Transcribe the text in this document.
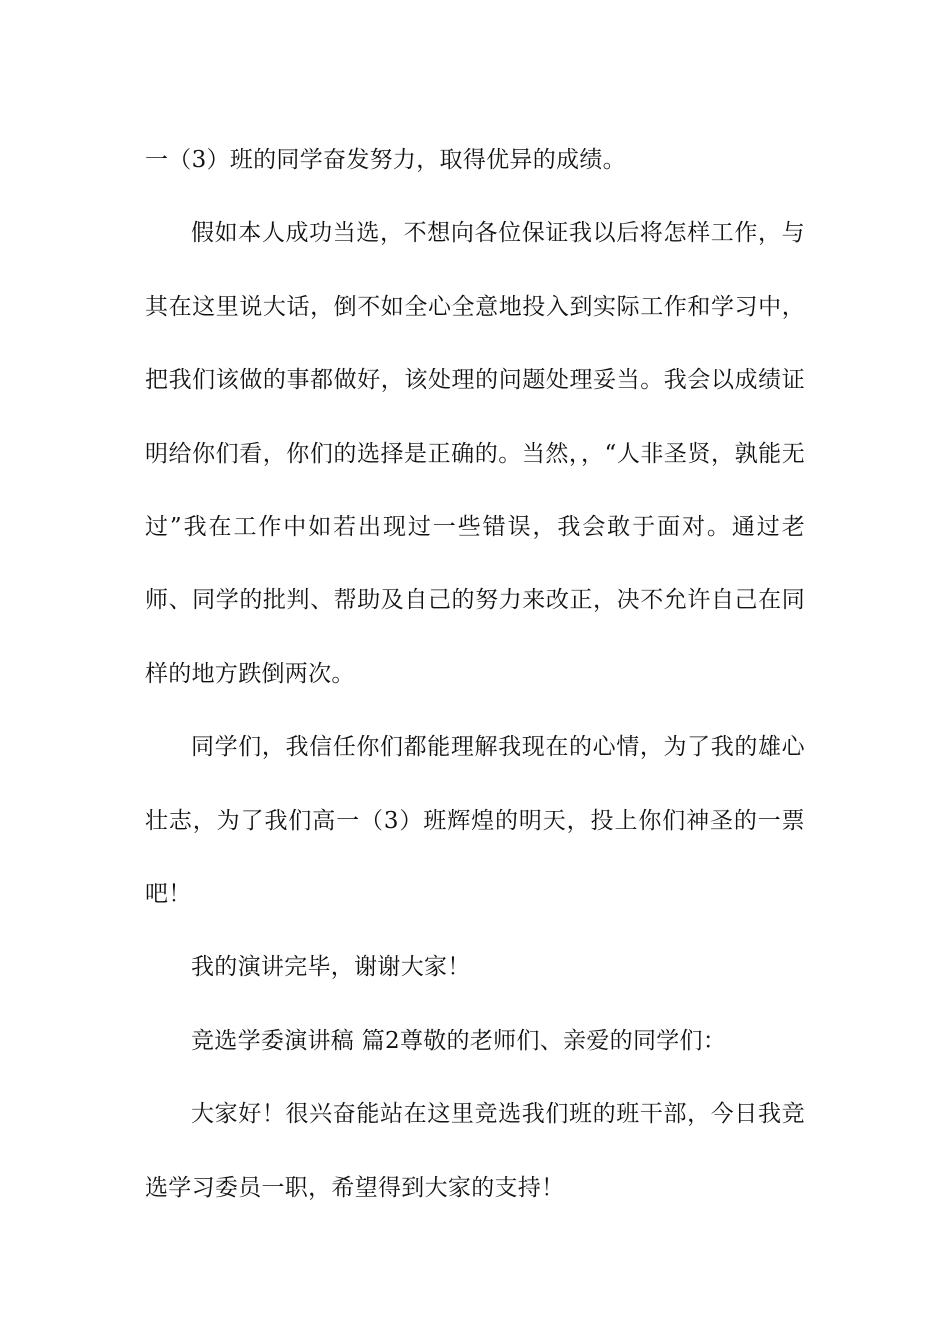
一（3）班的同学奋发努力，取得优异的成绩。

假如本人成功当选，不想向各位保证我以后将怎样工作，与其在这里说大话，倒不如全心全意地投入到实际工作和学习中，把我们该做的事都做好，该处理的问题处理妥当。我会以成绩证明给你们看，你们的选择是正确的。当然，，“人非圣贤，孰能无过”我在工作中如若出现过一些错误，我会敢于面对。通过老师、同学的批判、帮助及自己的努力来改正，决不允许自己在同样的地方跌倒两次。

同学们，我信任你们都能理解我现在的心情，为了我的雄心壮志，为了我们高一（3）班辉煌的明天，投上你们神圣的一票吧！

我的演讲完毕，谢谢大家！

竞选学委演讲稿 篇2尊敬的老师们、亲爱的同学们：

大家好！很兴奋能站在这里竞选我们班的班干部，今日我竞选学习委员一职，希望得到大家的支持！
